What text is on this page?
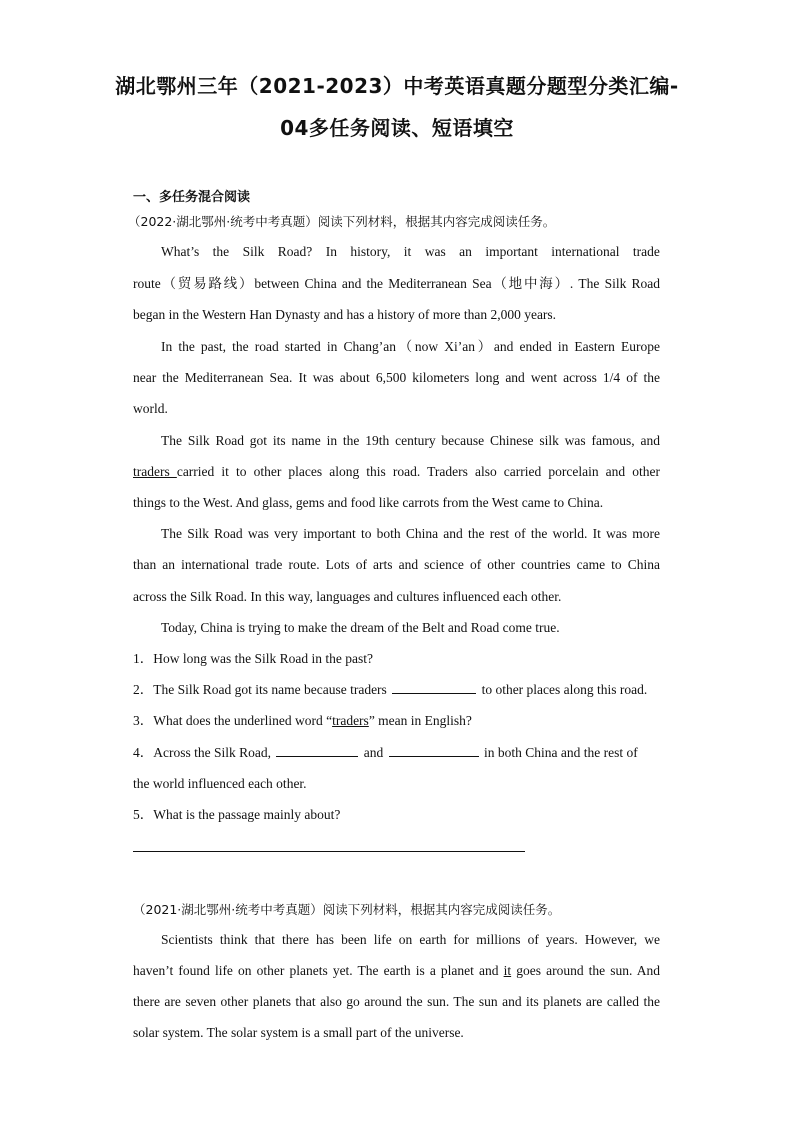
湖北鄂州三年（2021-2023）中考英语真题分题型分类汇编-
04多任务阅读、短语填空
一、多任务混合阅读
（2022·湖北鄂州·统考中考真题）阅读下列材料，根据其内容完成阅读任务。
What’s the Silk Road? In history, it was an important international trade
route（贸易路线）between China and the Mediterranean Sea（地中海）. The Silk Road
began in the Western Han Dynasty and has a history of more than 2,000 years.
In the past, the road started in Chang’an（now Xi’an）and ended in Eastern Europe
near the Mediterranean Sea. It was about 6,500 kilometers long and went across 1/4 of the
world.
The Silk Road got its name in the 19th century because Chinese silk was famous, and
traders carried it to other places along this road. Traders also carried porcelain and other
things to the West. And glass, gems and food like carrots from the West came to China.
The Silk Road was very important to both China and the rest of the world. It was more
than an international trade route. Lots of arts and science of other countries came to China
across the Silk Road. In this way, languages and cultures influenced each other.
Today, China is trying to make the dream of the Belt and Road come true.
1．How long was the Silk Road in the past?
2．The Silk Road got its name because traders	to other places along this road.
3．What does the underlined word “traders” mean in English?
4．Across the Silk Road,	and	in both China and the rest of
the world influenced each other.
5．What is the passage mainly about?
（2021·湖北鄂州·统考中考真题）阅读下列材料，根据其内容完成阅读任务。
Scientists think that there has been life on earth for millions of years. However, we
haven’t found life on other planets yet. The earth is a planet and it goes around the sun. And
there are seven other planets that also go around the sun. The sun and its planets are called the
solar system. The solar system is a small part of the universe.
